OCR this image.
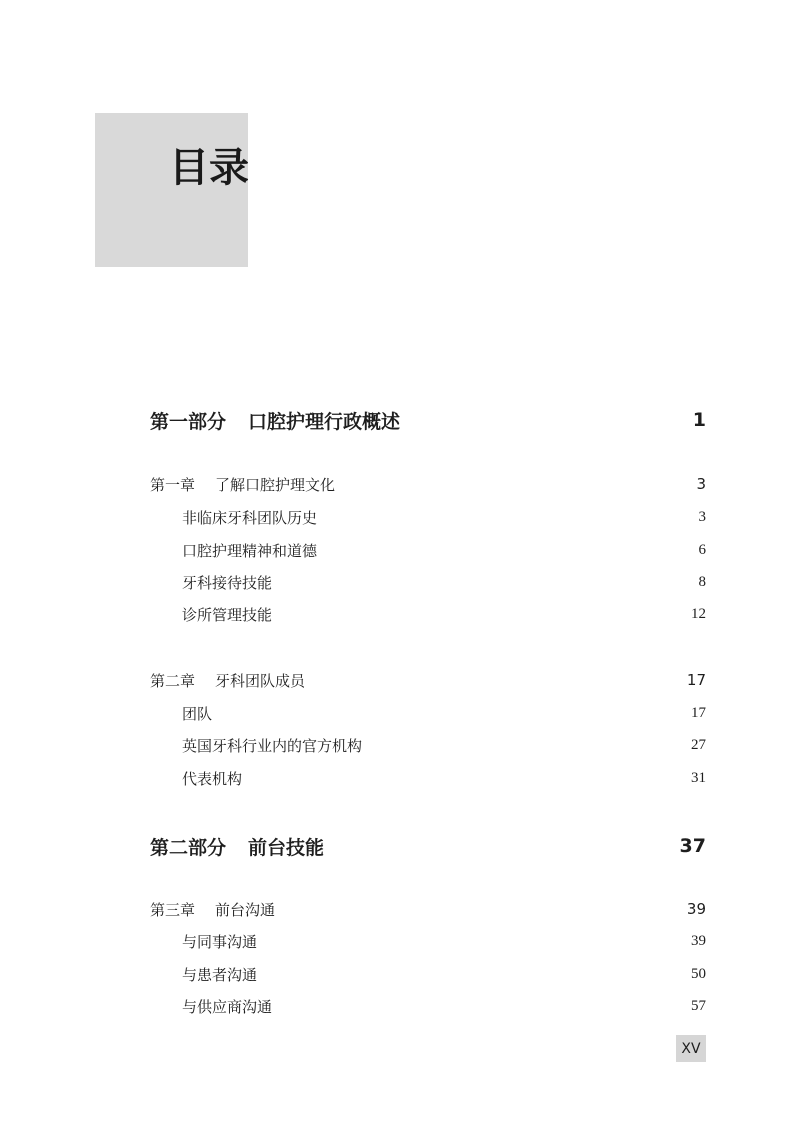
目录
第一部分 口腔护理行政概述	1
第一章 了解口腔护理文化	3
非临床牙科团队历史	3
口腔护理精神和道德	6
牙科接待技能	8
诊所管理技能	12
第二章 牙科团队成员	17
团队	17
英国牙科行业内的官方机构	27
代表机构	31
第二部分 前台技能	37
第三章 前台沟通	39
与同事沟通	39
与患者沟通	50
与供应商沟通	57
XV
